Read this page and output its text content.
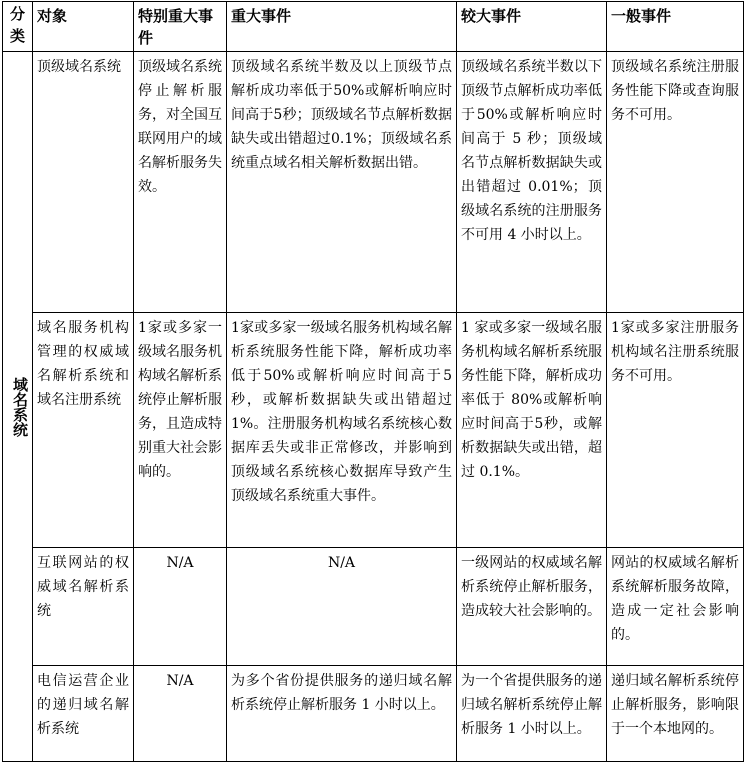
分类	对象	特别重大事件	重大事件	较大事件	一般事件
域名系统	顶级域名系统	顶级域名系统停止解析服务，对全国互联网用户的域名解析服务失效。	顶级域名系统半数及以上顶级节点解析成功率低于50%或解析响应时间高于5秒；顶级域名节点解析数据缺失或出错超过0.1%；顶级域名系统重点域名相关解析数据出错。	顶级域名系统半数以下顶级节点解析成功率低于50%或解析响应时间高于 5 秒；顶级域名节点解析数据缺失或出错超过 0.01%；顶级域名系统的注册服务不可用 4 小时以上。	顶级域名系统注册服务性能下降或查询服务不可用。
	域名服务机构管理的权威域名解析系统和域名注册系统	1家或多家一级域名服务机构域名解析系统停止解析服务，且造成特别重大社会影响的。	1家或多家一级域名服务机构域名解析系统服务性能下降，解析成功率低于50%或解析响应时间高于5秒，或解析数据缺失或出错超过1%。注册服务机构域名系统核心数据库丢失或非正常修改，并影响到顶级域名系统核心数据库导致产生顶级域名系统重大事件。	1 家或多家一级域名服务机构域名解析系统服务性能下降，解析成功率低于 80%或解析响应时间高于5秒，或解析数据缺失或出错，超过 0.1%。	1家或多家注册服务机构域名注册系统服务不可用。
	互联网站的权威域名解析系统	N/A	N/A	一级网站的权威域名解析系统停止解析服务，造成较大社会影响的。	网站的权威域名解析系统解析服务故障，造成一定社会影响的。
	电信运营企业的递归域名解析系统	N/A	为多个省份提供服务的递归域名解析系统停止解析服务 1 小时以上。	为一个省提供服务的递归域名解析系统停止解析服务 1 小时以上。	递归域名解析系统停止解析服务，影响限于一个本地网的。
